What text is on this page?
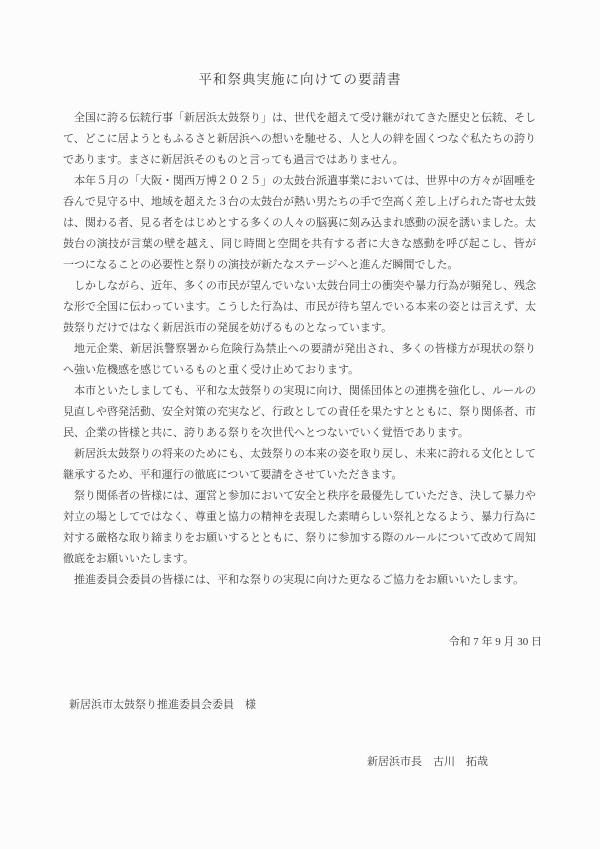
平和祭典実施に向けての要請書

全国に誇る伝統行事「新居浜太鼓祭り」は、世代を超えて受け継がれてきた歴史と伝統、そして、どこに居ようともふるさと新居浜への想いを馳せる、人と人の絆を固くつなぐ私たちの誇りであります。まさに新居浜そのものと言っても過言ではありません。

本年５月の「大阪・関西万博２０２５」の太鼓台派遣事業においては、世界中の方々が固唾を呑んで見守る中、地域を超えた３台の太鼓台が熱い男たちの手で空高く差し上げられた寄せ太鼓は、関わる者、見る者をはじめとする多くの人々の脳裏に刻み込まれ感動の涙を誘いました。太鼓台の演技が言葉の壁を越え、同じ時間と空間を共有する者に大きな感動を呼び起こし、皆が一つになることの必要性と祭りの演技が新たなステージへと進んだ瞬間でした。

しかしながら、近年、多くの市民が望んでいない太鼓台同士の衝突や暴力行為が頻発し、残念な形で全国に伝わっています。こうした行為は、市民が待ち望んでいる本来の姿とは言えず、太鼓祭りだけではなく新居浜市の発展を妨げるものとなっています。

地元企業、新居浜警察署から危険行為禁止への要請が発出され、多くの皆様方が現状の祭りへ強い危機感を感じているものと重く受け止めております。

本市といたしましても、平和な太鼓祭りの実現に向け、関係団体との連携を強化し、ルールの見直しや啓発活動、安全対策の充実など、行政としての責任を果たすとともに、祭り関係者、市民、企業の皆様と共に、誇りある祭りを次世代へとつないでいく覚悟であります。

新居浜太鼓祭りの将来のためにも、太鼓祭りの本来の姿を取り戻し、未来に誇れる文化として継承するため、平和運行の徹底について要請をさせていただきます。

祭り関係者の皆様には、運営と参加において安全と秩序を最優先していただき、決して暴力や対立の場としてではなく、尊重と協力の精神を表現した素晴らしい祭礼となるよう、暴力行為に対する厳格な取り締まりをお願いするとともに、祭りに参加する際のルールについて改めて周知徹底をお願いいたします。

推進委員会委員の皆様には、平和な祭りの実現に向けた更なるご協力をお願いいたします。

令和 7 年 9 月 30 日
新居浜市太鼓祭り推進委員会委員　様
新居浜市長　古川　拓哉
